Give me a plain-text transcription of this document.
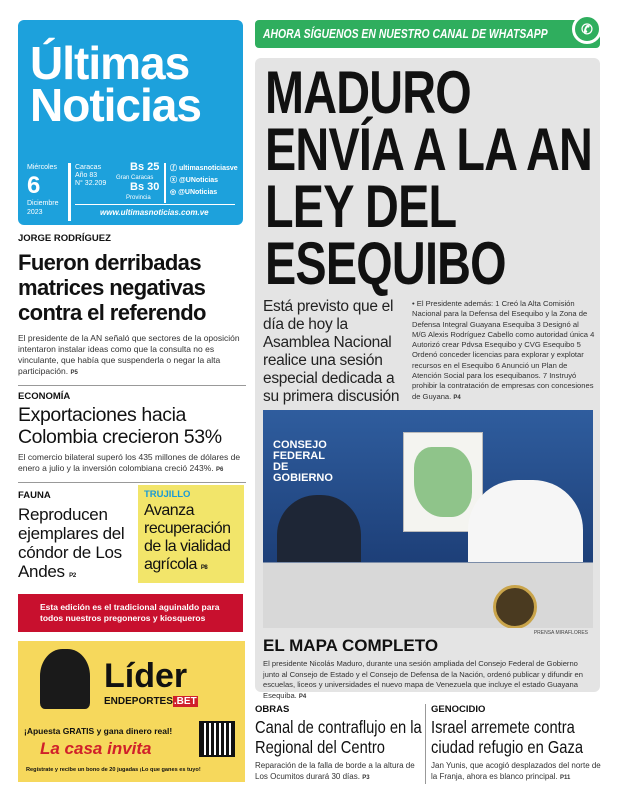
Últimas Noticias
Miércoles
6
Diciembre
2023
Caracas
Año 83
N° 32.209
Bs 25
Gran Caracas
Bs 30
Provincia
ⓕ ultimasnoticiasve
ⓧ @UNoticias
◎ @UNoticias
www.ultimasnoticias.com.ve
AHORA SÍGUENOS EN NUESTRO CANAL DE WHATSAPP	✆
MADURO ENVÍA A LA AN LEY DEL ESEQUIBO
Está previsto que el día de hoy la Asamblea Nacional realice una sesión especial dedicada a su primera discusión
• El Presidente además: 1 Creó la Alta Comisión Nacional para la Defensa del Esequibo y la Zona de Defensa Integral Guayana Esequiba 3 Designó al M/G Alexis Rodríguez Cabello como autoridad única 4 Autorizó crear Pdvsa Esequibo y CVG Esequibo 5 Ordenó conceder licencias para explorar y explotar recursos en el Esequibo 6 Anunció un Plan de Atención Social para los esequibanos. 7 Instruyó prohibir la contratación de empresas con concesiones de Guyana. P4
CONSEJO FEDERAL DE GOBIERNO
PRENSA MIRAFLORES
EL MAPA COMPLETO
El presidente Nicolás Maduro, durante una sesión ampliada del Consejo Federal de Gobierno junto al Consejo de Estado y el Consejo de Defensa de la Nación, ordenó publicar y difundir en escuelas, liceos y universidades el nuevo mapa de Venezuela que incluye el estado Guayana Esequiba. P4
JORGE RODRÍGUEZ
Fueron derribadas matrices negativas contra el referendo
El presidente de la AN señaló que sectores de la oposición intentaron instalar ideas como que la consulta no es vinculante, que había que suspenderla o negar la alta participación. P5
ECONOMÍA
Exportaciones hacia Colombia crecieron 53%
El comercio bilateral superó los 435 millones de dólares de enero a julio y la inversión colombiana creció 243%. P6
FAUNA
Reproducen ejemplares del cóndor de Los Andes P2
TRUJILLO
Avanza recuperación de la vialidad agrícola P8
Esta edición es el tradicional aguinaldo para todos nuestros pregoneros y kiosqueros
Líder
ENDEPORTES.BET
¡Apuesta GRATIS y gana dinero real!
La casa invita
Regístrate y recibe un bono de 20 jugadas ¡Lo que ganes es tuyo!
OBRAS
Canal de contraflujo en la Regional del Centro
Reparación de la falla de borde a la altura de Los Ocumitos durará 30 días. P3
GENOCIDIO
Israel arremete contra ciudad refugio en Gaza
Jan Yunis, que acogió desplazados del norte de la Franja, ahora es blanco principal. P11
